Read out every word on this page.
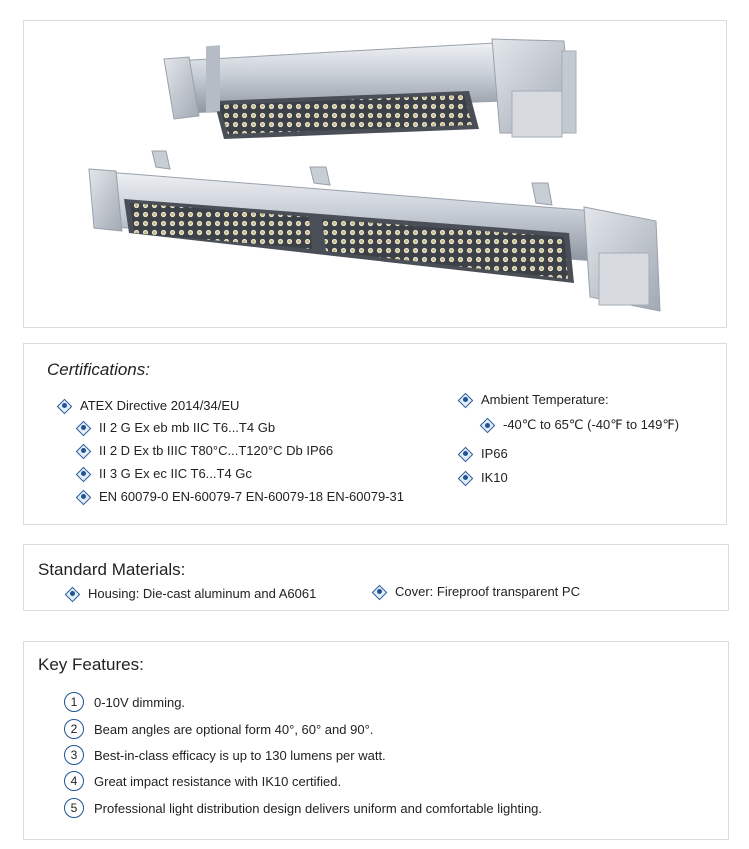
Certifications:
ATEX Directive 2014/34/EU
II 2 G Ex eb mb IIC T6...T4 Gb
II 2 D Ex tb IIIC T80°C...T120°C Db IP66
II 3 G Ex ec IIC T6...T4 Gc
EN 60079-0 EN-60079-7 EN-60079-18 EN-60079-31
Ambient Temperature:
-40℃ to 65℃ (-40℉ to 149℉)
IP66
IK10
Standard Materials:
Housing: Die-cast aluminum and A6061	Cover: Fireproof transparent PC
Key Features:
1	0-10V dimming.
2	Beam angles are optional form 40°, 60° and 90°.
3	Best-in-class efficacy is up to 130 lumens per watt.
4	Great impact resistance with IK10 certified.
5	Professional light distribution design delivers uniform and comfortable lighting.
